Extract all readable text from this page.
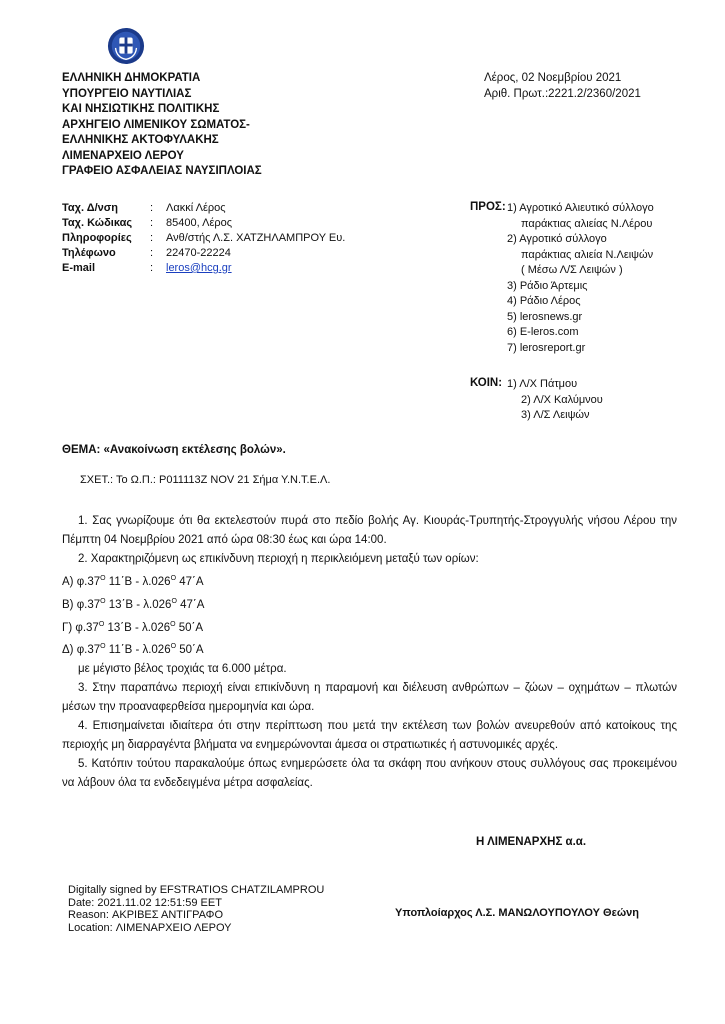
ΕΛΛΗΝΙΚΗ ΔΗΜΟΚΡΑΤΙΑ
ΥΠΟΥΡΓΕΙΟ ΝΑΥΤΙΛΙΑΣ
ΚΑΙ ΝΗΣΙΩΤΙΚΗΣ ΠΟΛΙΤΙΚΗΣ
ΑΡΧΗΓΕΙΟ ΛΙΜΕΝΙΚΟΥ ΣΩΜΑΤΟΣ-
ΕΛΛΗΝΙΚΗΣ ΑΚΤΟΦΥΛΑΚΗΣ
ΛΙΜΕΝΑΡΧΕΙΟ ΛΕΡΟΥ
ΓΡΑΦΕΙΟ ΑΣΦΑΛΕΙΑΣ ΝΑΥΣΙΠΛΟΙΑΣ
Λέρος, 02 Νοεμβρίου 2021
Αριθ. Πρωτ.:2221.2/2360/2021
Ταχ. Δ/νση	:	Λακκί Λέρος
Ταχ. Κώδικας	:	85400, Λέρος
Πληροφορίες	:	Ανθ/στής Λ.Σ. ΧΑΤΖΗΛΑΜΠΡΟΥ Ευ.
Τηλέφωνο	:	22470-22224
E-mail	:	leros@hcg.gr
ΠΡΟΣ: 1) Αγροτικό Αλιευτικό σύλλογο
παράκτιας αλιείας Ν.Λέρου
2) Αγροτικό σύλλογο
παράκτιας αλιεία Ν.Λειψών
( Μέσω Λ/Σ Λειψών )
3) Ράδιο Άρτεμις
4) Ράδιο Λέρος
5) lerosnews.gr
6) E-leros.com
7) lerosreport.gr
ΚΟΙΝ: 1) Λ/Χ Πάτμου
2) Λ/Χ Καλύμνου
3) Λ/Σ Λειψών
ΘΕΜΑ: «Ανακοίνωση εκτέλεσης βολών».
ΣΧΕΤ.: Το Ω.Π.: Ρ011113Ζ NOV 21 Σήμα Υ.Ν.Τ.Ε.Λ.

1. Σας γνωρίζουμε ότι θα εκτελεστούν πυρά στο πεδίο βολής Αγ. Κιουράς-Τρυπητής-Στρογγυλής νήσου Λέρου την Πέμπτη 04 Νοεμβρίου 2021 από ώρα 08:30 έως και ώρα 14:00.

2. Χαρακτηριζόμενη ως επικίνδυνη περιοχή η περικλειόμενη μεταξύ των ορίων:

Α) $\varphi.37^O$ $11΄B - \lambda.026^O$ 47΄Α

Β) $\varphi.37^O$ $13΄B - \lambda.026^O$ 47΄Α

Γ) $\varphi.37^O$ $13΄B - \lambda.026^O$ 50΄Α

Δ) $\varphi.37^O$ $11΄B - \lambda.026^O$ 50΄Α

με μέγιστο βέλος τροχιάς τα 6.000 μέτρα.

3. Στην παραπάνω περιοχή είναι επικίνδυνη η παραμονή και διέλευση ανθρώπων – ζώων – οχημάτων – πλωτών μέσων την προαναφερθείσα ημερομηνία και ώρα.

4. Επισημαίνεται ιδιαίτερα ότι στην περίπτωση που μετά την εκτέλεση των βολών ανευρεθούν από κατοίκους της περιοχής μη διαρραγέντα βλήματα να ενημερώνονται άμεσα οι στρατιωτικές ή αστυνομικές αρχές.

5. Κατόπιν τούτου παρακαλούμε όπως ενημερώσετε όλα τα σκάφη που ανήκουν στους συλλόγους σας προκειμένου να λάβουν όλα τα ενδεδειγμένα μέτρα ασφαλείας.

Η ΛΙΜΕΝΑΡΧΗΣ α.α.
Digitally signed by EFSTRATIOS CHATZILAMPROU
Date: 2021.11.02 12:51:59 EET
Reason: ΑΚΡΙΒΕΣ ΑΝΤΙΓΡΑΦΟ
Location: ΛΙΜΕΝΑΡΧΕΙΟ ΛΕΡΟΥ
Υποπλοίαρχος Λ.Σ. ΜΑΝΩΛΟΥΠΟΥΛΟΥ Θεώνη
